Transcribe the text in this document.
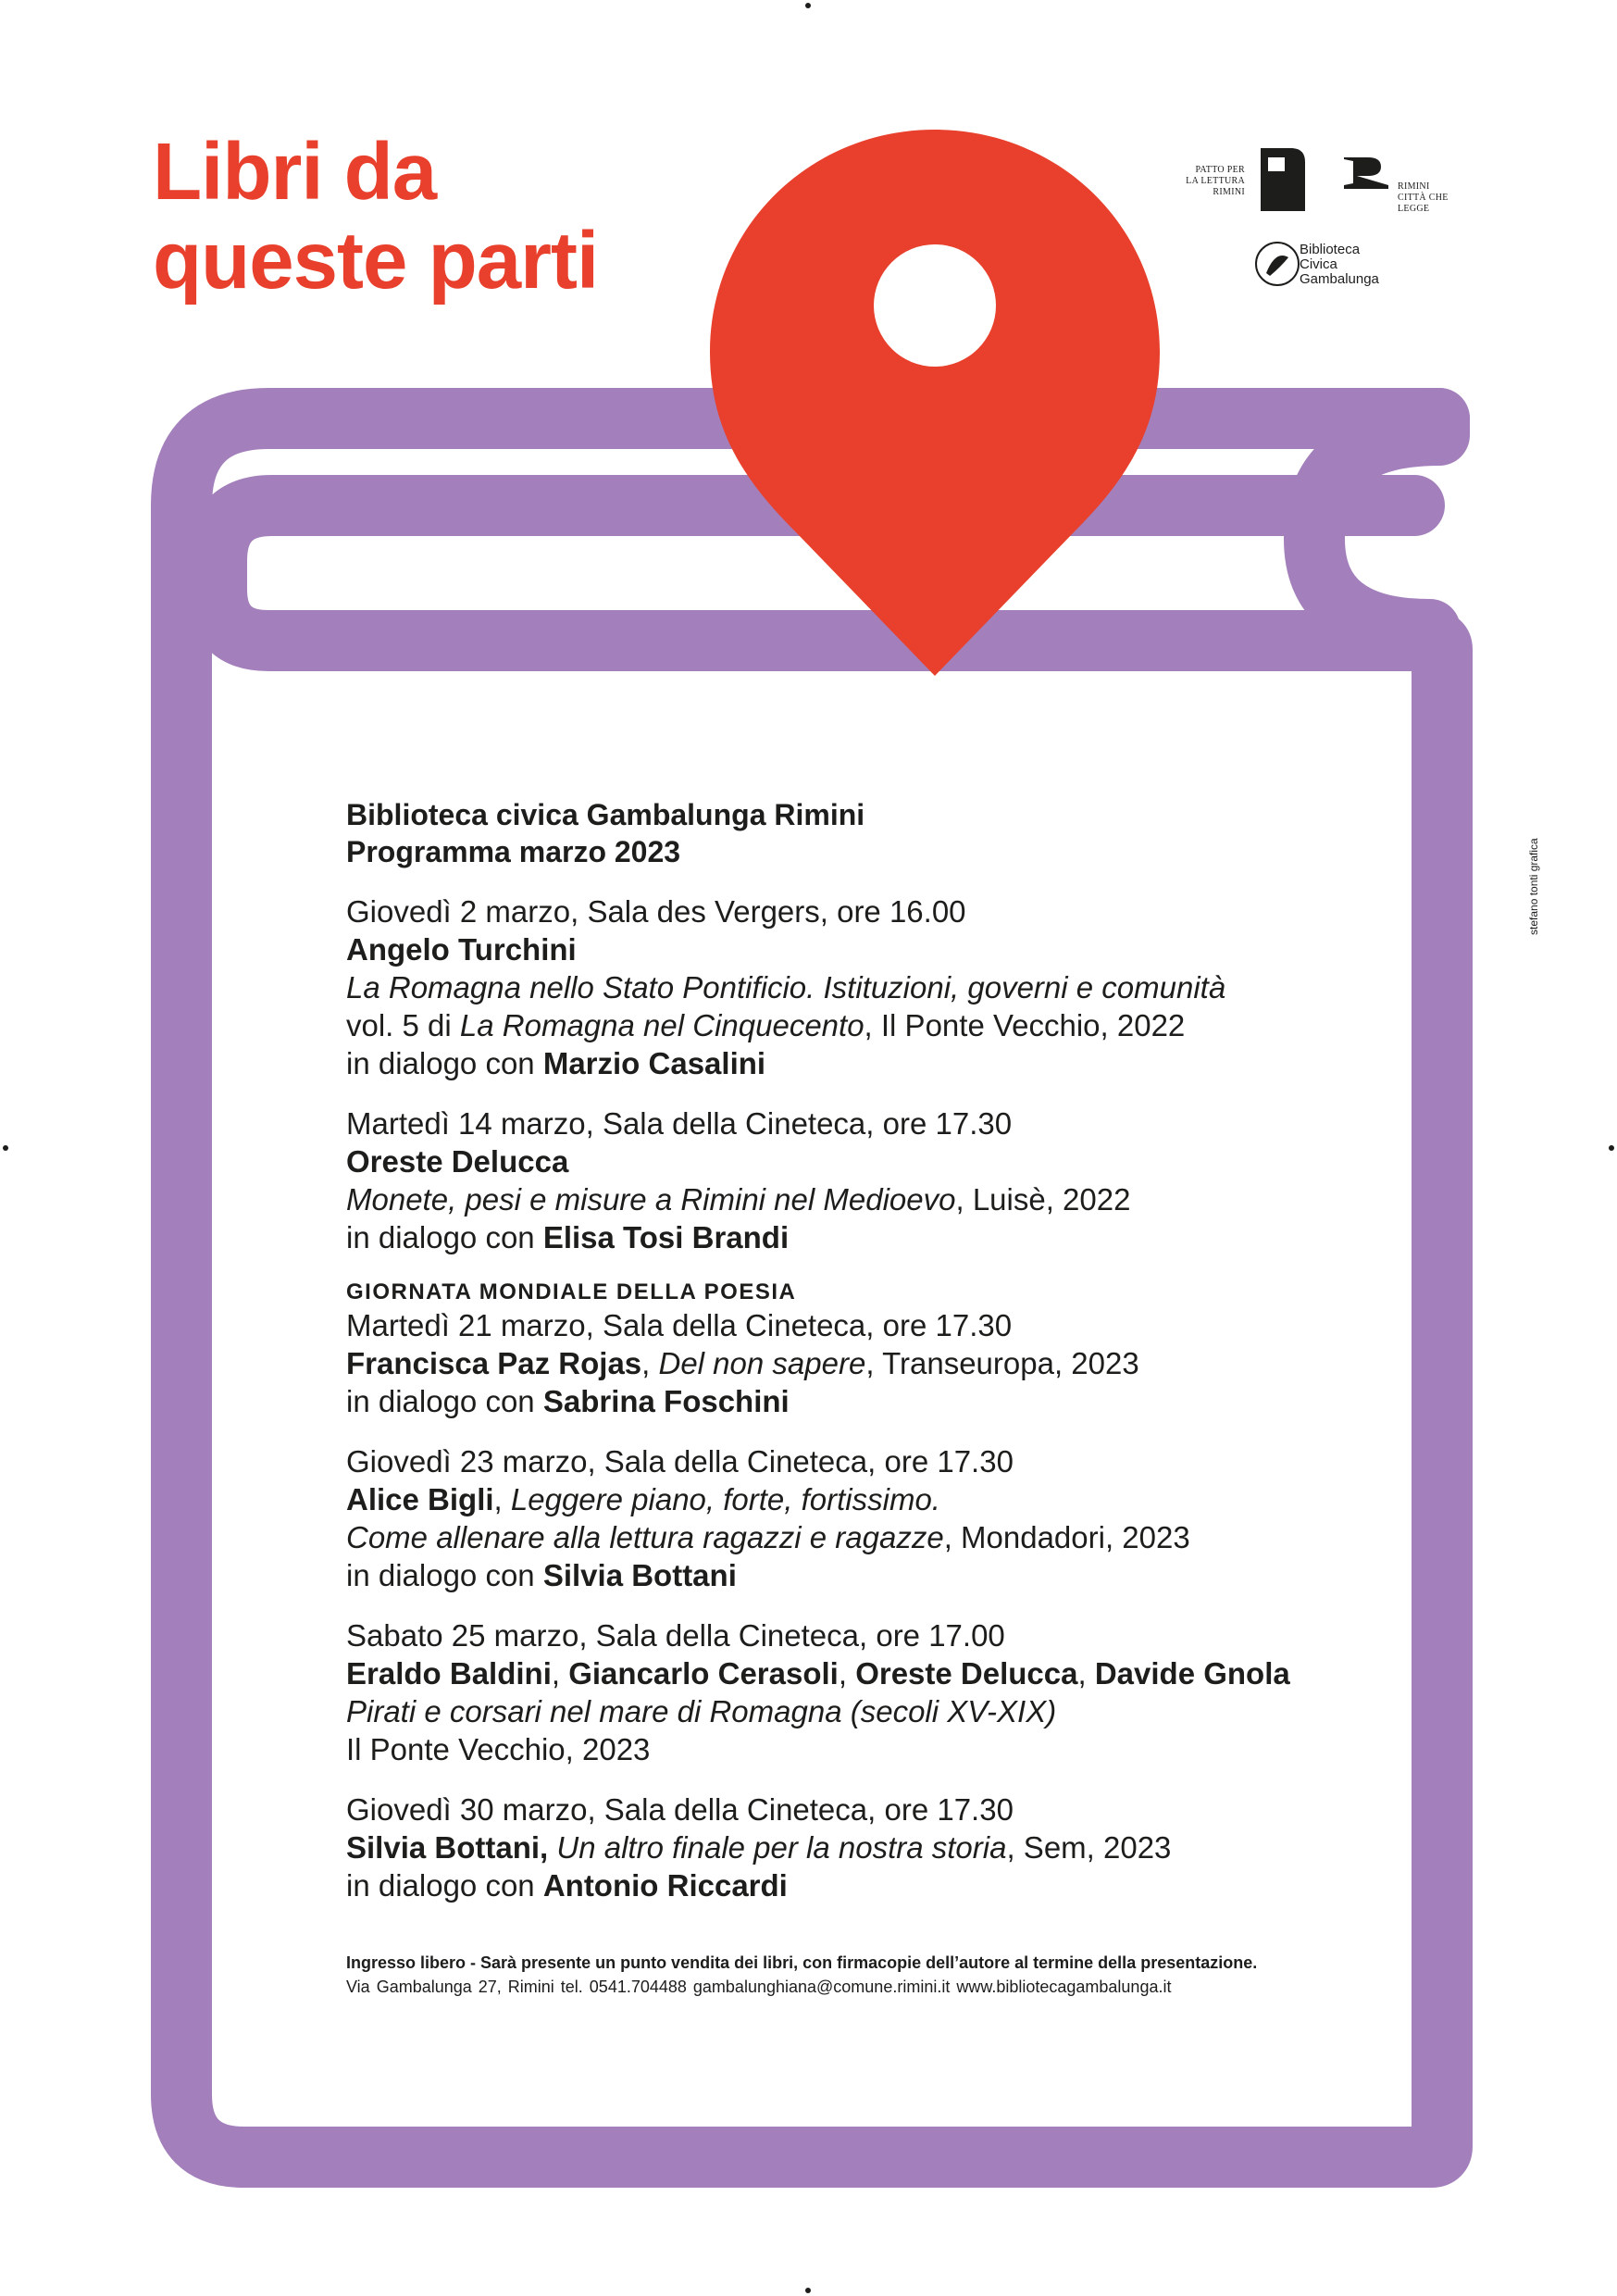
Libri da
queste parti
PATTO PER
LA LETTURA
RIMINI
RIMINI
CITTÀ CHE
LEGGE
Biblioteca
Civica
Gambalunga
stefano tonti grafica
Biblioteca civica Gambalunga Rimini
Programma marzo 2023
Giovedì 2 marzo, Sala des Vergers, ore 16.00
Angelo Turchini
La Romagna nello Stato Pontificio. Istituzioni, governi e comunità
vol. 5 di La Romagna nel Cinquecento, Il Ponte Vecchio, 2022
in dialogo con Marzio Casalini
Martedì 14 marzo, Sala della Cineteca, ore 17.30
Oreste Delucca
Monete, pesi e misure a Rimini nel Medioevo, Luisè, 2022
in dialogo con Elisa Tosi Brandi
GIORNATA MONDIALE DELLA POESIA
Martedì 21 marzo, Sala della Cineteca, ore 17.30
Francisca Paz Rojas, Del non sapere, Transeuropa, 2023
in dialogo con Sabrina Foschini
Giovedì 23 marzo, Sala della Cineteca, ore 17.30
Alice Bigli, Leggere piano, forte, fortissimo.
Come allenare alla lettura ragazzi e ragazze, Mondadori, 2023
in dialogo con Silvia Bottani
Sabato 25 marzo, Sala della Cineteca, ore 17.00
Eraldo Baldini, Giancarlo Cerasoli, Oreste Delucca, Davide Gnola
Pirati e corsari nel mare di Romagna (secoli XV-XIX)
Il Ponte Vecchio, 2023
Giovedì 30 marzo, Sala della Cineteca, ore 17.30
Silvia Bottani, Un altro finale per la nostra storia, Sem, 2023
in dialogo con Antonio Riccardi
Ingresso libero - Sarà presente un punto vendita dei libri, con firmacopie dell’autore al termine della presentazione.
Via Gambalunga 27, Rimini tel. 0541.704488 gambalunghiana@comune.rimini.it www.bibliotecagambalunga.it
